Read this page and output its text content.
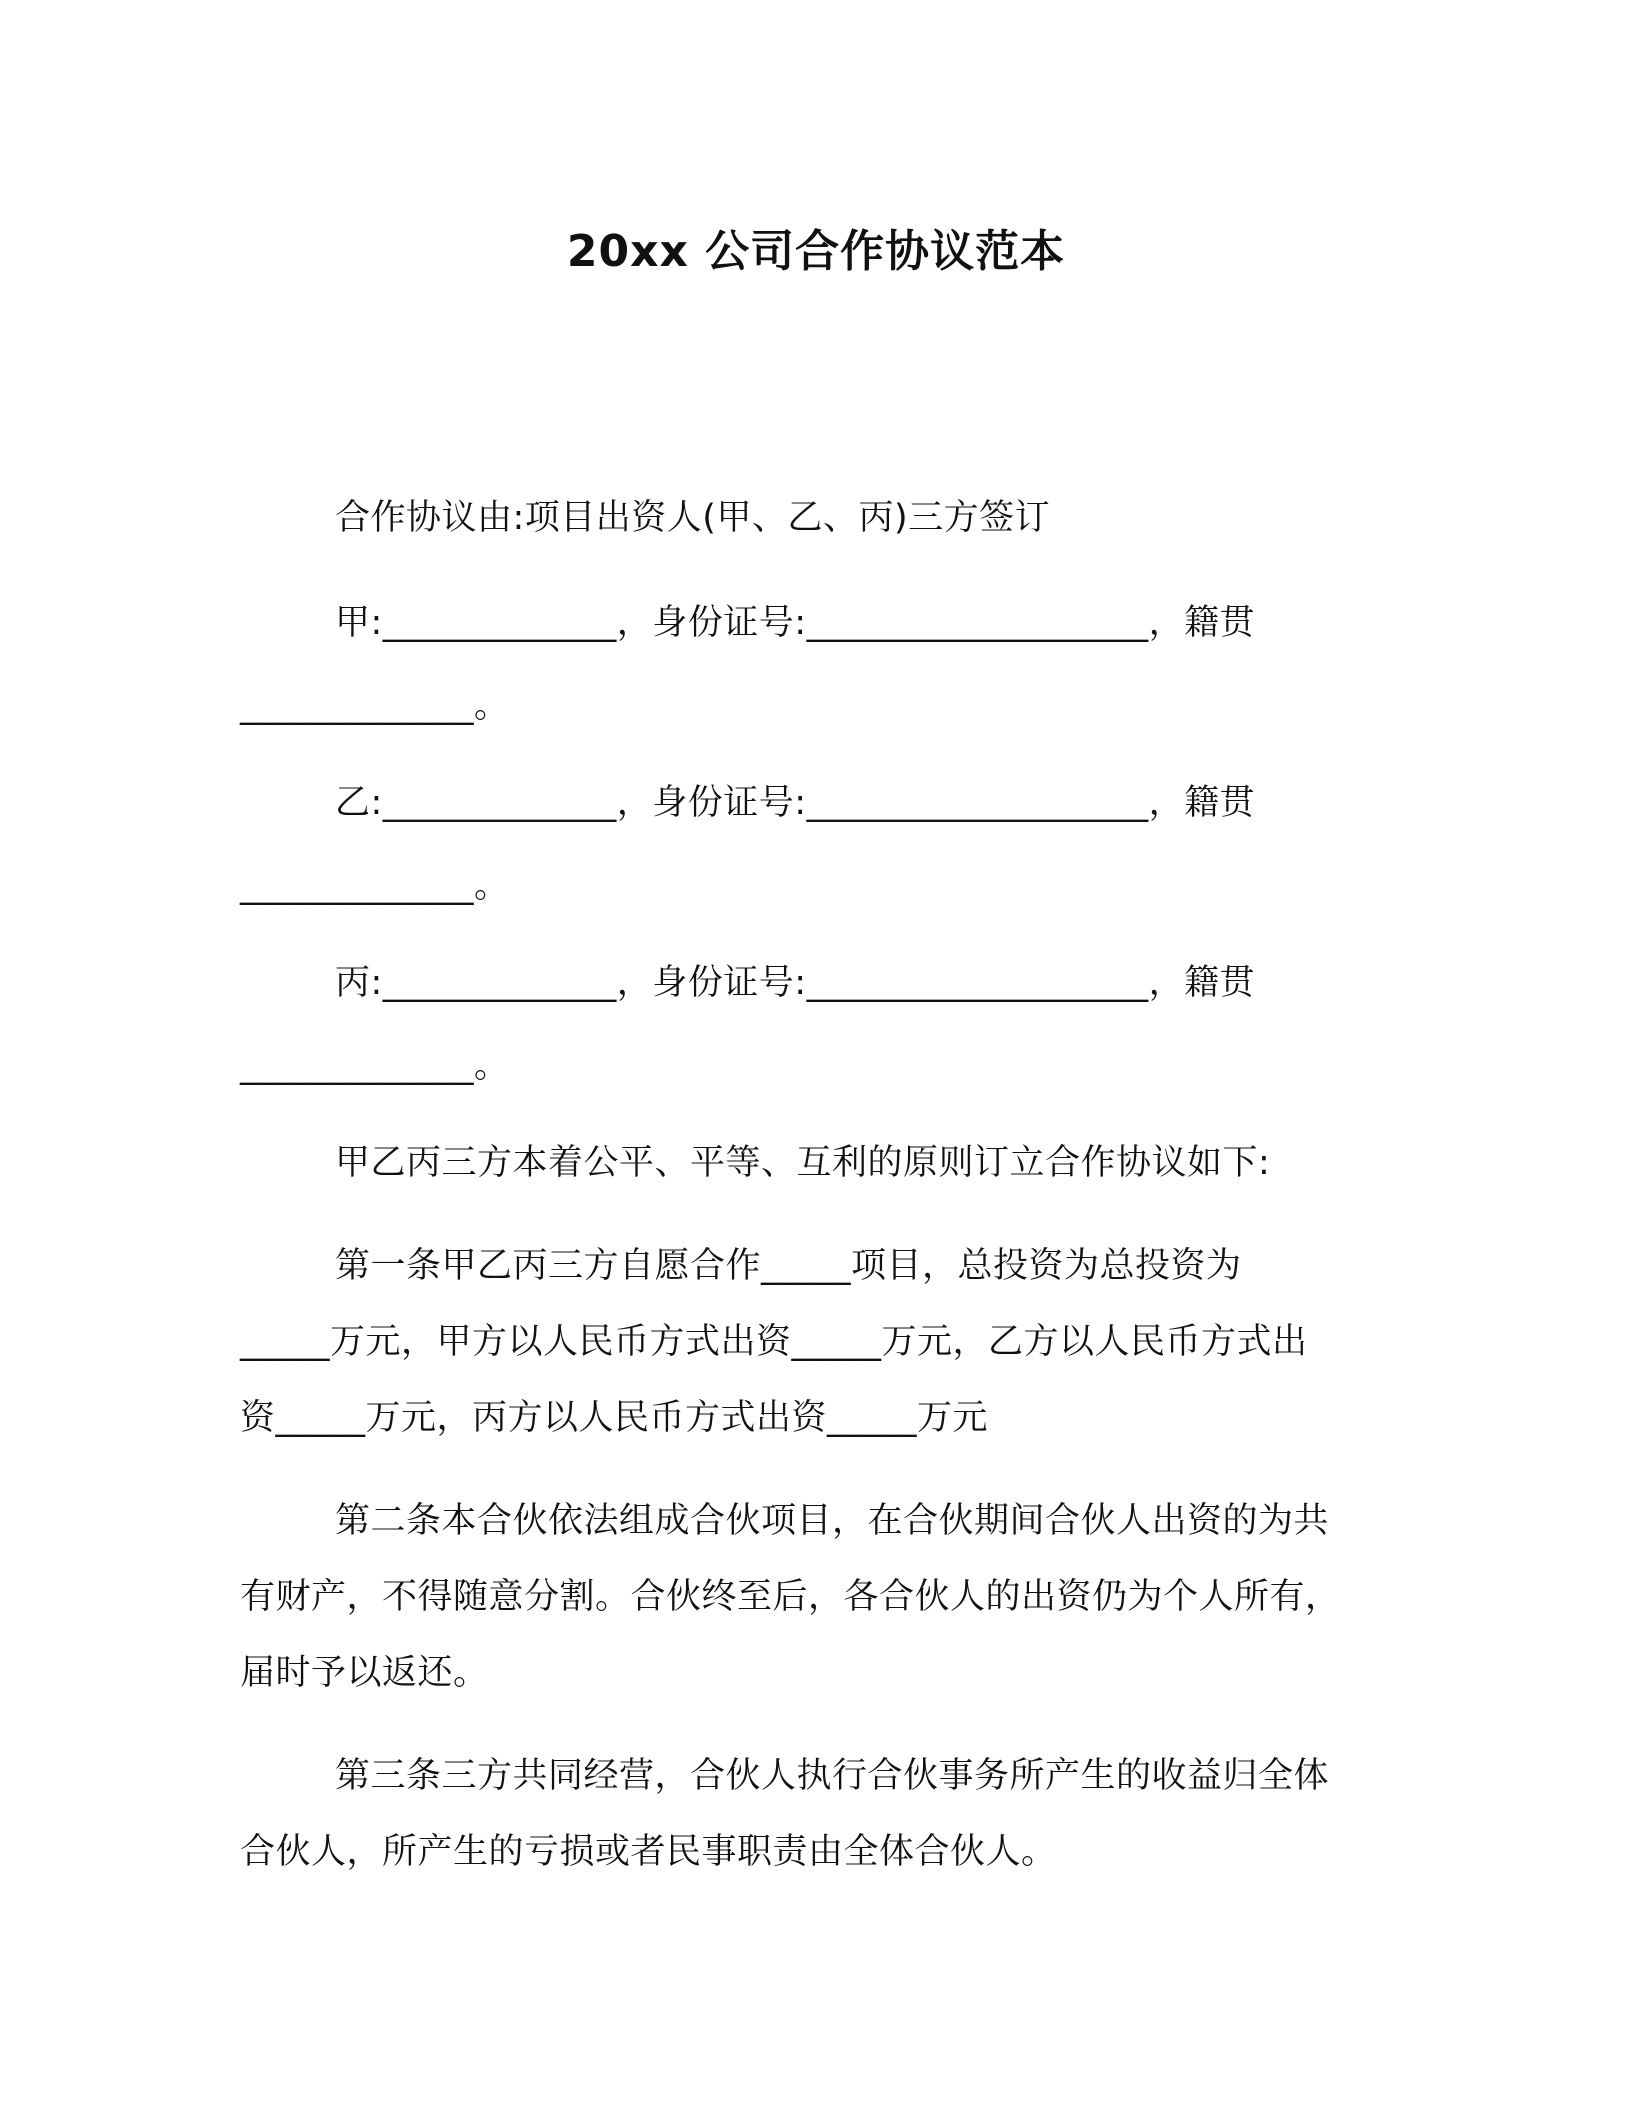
20xx 公司合作协议范本
合作协议由:项目出资人(甲、乙、丙)三方签订
甲:_____________，身份证号:___________________，籍贯
_____________。
乙:_____________，身份证号:___________________，籍贯
_____________。
丙:_____________，身份证号:___________________，籍贯
_____________。
甲乙丙三方本着公平、平等、互利的原则订立合作协议如下:
第一条甲乙丙三方自愿合作_____项目，总投资为总投资为
_____万元，甲方以人民币方式出资_____万元，乙方以人民币方式出
资_____万元，丙方以人民币方式出资_____万元
第二条本合伙依法组成合伙项目，在合伙期间合伙人出资的为共
有财产，不得随意分割。合伙终至后，各合伙人的出资仍为个人所有，
届时予以返还。
第三条三方共同经营，合伙人执行合伙事务所产生的收益归全体
合伙人，所产生的亏损或者民事职责由全体合伙人。
